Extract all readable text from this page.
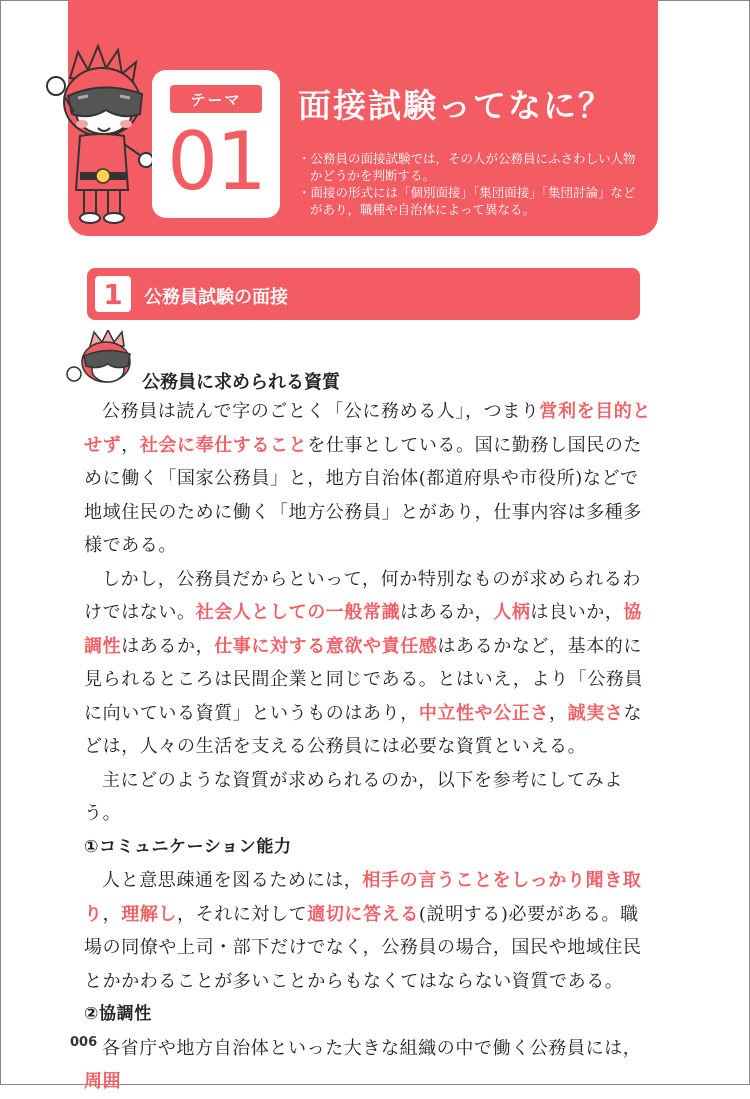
テーマ
01
面接試験ってなに？
・ 公務員の面接試験では，その人が公務員にふさわしい人物かどうかを判断する。
・ 面接の形式には「個別面接」「集団面接」「集団討論」などがあり，職種や自治体によって異なる。
1	公務員試験の面接
公務員に求められる資質

公務員は読んで字のごとく「公に務める人」，つまり営利を目的とせず，社会に奉仕することを仕事としている。国に勤務し国民のために働く「国家公務員」と，地方自治体(都道府県や市役所)などで地域住民のために働く「地方公務員」とがあり，仕事内容は多種多様である。

しかし，公務員だからといって，何か特別なものが求められるわけではない。社会人としての一般常識はあるか，人柄は良いか，協調性はあるか，仕事に対する意欲や責任感はあるかなど，基本的に見られるところは民間企業と同じである。とはいえ，より「公務員に向いている資質」というものはあり，中立性や公正さ，誠実さなどは，人々の生活を支える公務員には必要な資質といえる。

主にどのような資質が求められるのか，以下を参考にしてみよう。

①コミュニケーション能力

人と意思疎通を図るためには，相手の言うことをしっかり聞き取り，理解し，それに対して適切に答える(説明する)必要がある。職場の同僚や上司・部下だけでなく，公務員の場合，国民や地域住民とかかわることが多いことからもなくてはならない資質である。

②協調性

各省庁や地方自治体といった大きな組織の中で働く公務員には，周囲

006
